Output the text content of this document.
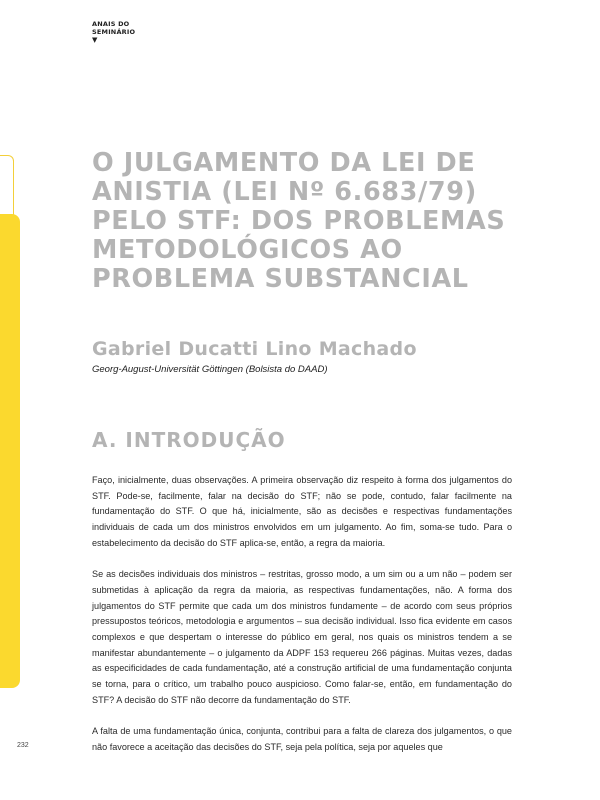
ANAIS DO
SEMINÁRIO
▼
O JULGAMENTO DA LEI DE ANISTIA (LEI Nº 6.683/79) PELO STF: DOS PROBLEMAS METODOLÓGICOS AO PROBLEMA SUBSTANCIAL
Gabriel Ducatti Lino Machado
Georg-August-Universität Göttingen (Bolsista do DAAD)
A. INTRODUÇÃO

Faço, inicialmente, duas observações. A primeira observação diz respeito à forma dos julgamentos do STF. Pode-se, facilmente, falar na decisão do STF; não se pode, contudo, falar facilmente na fundamentação do STF. O que há, inicialmente, são as decisões e respectivas fundamentações individuais de cada um dos ministros envolvidos em um julgamento. Ao fim, soma-se tudo. Para o estabelecimento da decisão do STF aplica-se, então, a regra da maioria.

Se as decisões individuais dos ministros – restritas, grosso modo, a um sim ou a um não – podem ser submetidas à aplicação da regra da maioria, as respectivas fundamentações, não. A forma dos julgamentos do STF permite que cada um dos ministros fundamente – de acordo com seus próprios pressupostos teóricos, metodologia e argumentos – sua decisão individual. Isso fica evidente em casos complexos e que despertam o interesse do público em geral, nos quais os ministros tendem a se manifestar abundantemente – o julgamento da ADPF 153 requereu 266 páginas. Muitas vezes, dadas as especificidades de cada fundamentação, até a construção artificial de uma fundamentação conjunta se torna, para o crítico, um trabalho pouco auspicioso. Como falar-se, então, em fundamentação do STF? A decisão do STF não decorre da fundamentação do STF.

A falta de uma fundamentação única, conjunta, contribui para a falta de clareza dos julgamentos, o que não favorece a aceitação das decisões do STF, seja pela política, seja por aqueles que

232
